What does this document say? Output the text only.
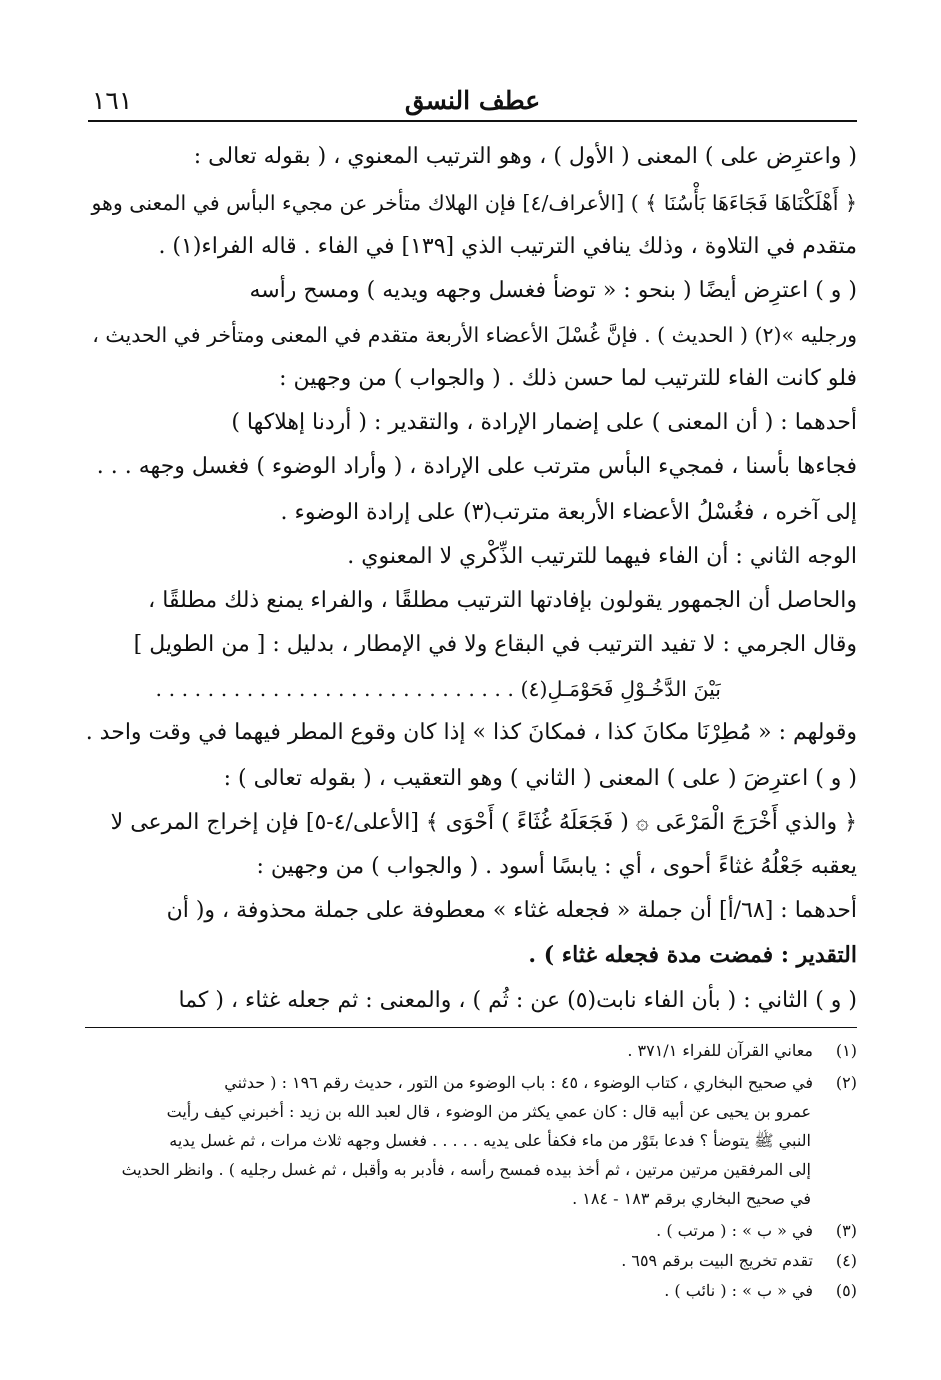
عطف النسق
١٦١
( واعترِض على ) المعنى ( الأول ) ، وهو الترتيب المعنوي ، ( بقوله تعالى :
﴿ أَهْلَكْنَاهَا فَجَاءَهَا بَأْسُنَا ﴾ ) [الأعراف/٤] فإن الهلاك متأخر عن مجيء البأس في المعنى وهو
متقدم في التلاوة ، وذلك ينافي الترتيب الذي [١٣٩] في الفاء . قاله الفراء(١) .
( و ) اعترِض أيضًا ( بنحو : « توضأ فغسل وجهه ويديه ) ومسح رأسه
ورجليه »(٢) ( الحديث ) . فإنَّ غُسْلَ الأعضاء الأربعة متقدم في المعنى ومتأخر في الحديث ،
فلو كانت الفاء للترتيب لما حسن ذلك . ( والجواب ) من وجهين :
أحدهما : ( أن المعنى ) على إضمار الإرادة ، والتقدير : ( أردنا إهلاكها )
فجاءها بأسنا ، فمجيء البأس مترتب على الإرادة ، ( وأراد الوضوء ) فغسل وجهه . . .
إلى آخره ، فغُسْلُ الأعضاء الأربعة مترتب(٣) على إرادة الوضوء .
الوجه الثاني : أن الفاء فيهما للترتيب الذِّكْري لا المعنوي .
والحاصل أن الجمهور يقولون بإفادتها الترتيب مطلقًا ، والفراء يمنع ذلك مطلقًا ،
وقال الجرمي : لا تفيد الترتيب في البقاع ولا في الإمطار ، بدليل : [ من الطويل ]
بَيْنَ الدَّخُـوْلِ فَحَوْمَـلِ(٤) . . . . . . . . . . . . . . . . . . . . . . . . . . . .
وقولهم : « مُطِرْنَا مكانَ كذا ، فمكانَ كذا » إذا كان وقوع المطر فيهما في وقت واحد .
( و ) اعترِضَ ( على ) المعنى ( الثاني ) وهو التعقيب ، ( بقوله تعالى ) :
﴿ والذي أَخْرَجَ الْمَرْعَى ۞ ( فَجَعَلَهُ غُثَاءً ) أَحْوَى ﴾ [الأعلى/٤-٥] فإن إخراج المرعى لا
يعقبه جَعْلُهُ غثاءً أحوى ، أي : يابسًا أسود . ( والجواب ) من وجهين :
أحدهما : [٦٨/أ] أن جملة « فجعله غثاء » معطوفة على جملة محذوفة ، و( أن
التقدير : فمضت مدة فجعله غثاء ) .
( و ) الثاني : ( بأن الفاء نابت(٥) عن : ثُم ) ، والمعنى : ثم جعله غثاء ، ( كما
(١)معاني القرآن للفراء ٣٧١/١ .
(٢)في صحيح البخاري ، كتاب الوضوء ، ٤٥ : باب الوضوء من التور ، حديث رقم ١٩٦ : ( حدثني
عمرو بن يحيى عن أبيه قال : كان عمي يكثر من الوضوء ، قال لعبد الله بن زيد : أخبرني كيف رأيت
النبي ﷺ يتوضأ ؟ فدعا بتَوْر من ماء فكفأ على يديه . . . . . فغسل وجهه ثلاث مرات ، ثم غسل يديه
إلى المرفقين مرتين مرتين ، ثم أخذ بيده فمسح رأسه ، فأدبر به وأقبل ، ثم غسل رجليه ) . وانظر الحديث
في صحيح البخاري برقم ١٨٣ - ١٨٤ .
(٣)في « ب » : ( مرتب ) .
(٤)تقدم تخريج البيت برقم ٦٥٩ .
(٥)في « ب » : ( نائب ) .
